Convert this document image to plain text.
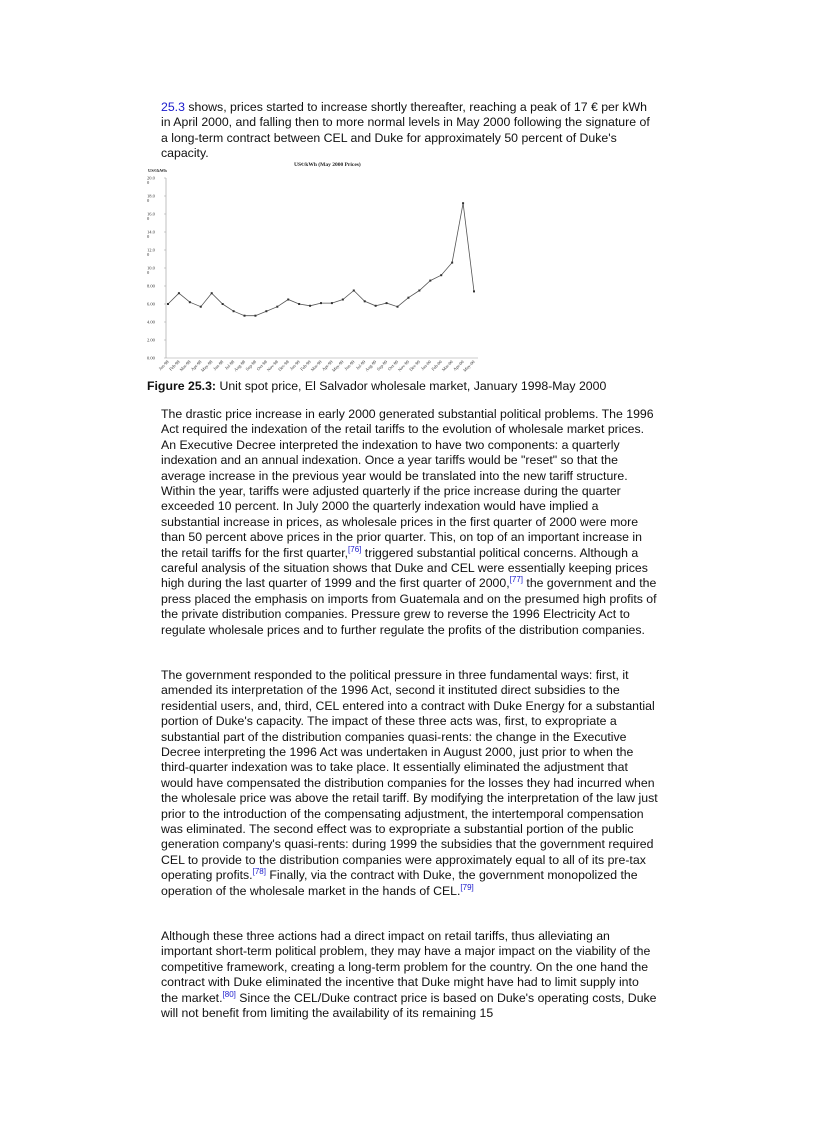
25.3 shows, prices started to increase shortly thereafter, reaching a peak of 17 € per kWh in April 2000, and falling then to more normal levels in May 2000 following the signature of a long-term contract between CEL and Duke for approximately 50 percent of Duke's capacity.
US¢/kWh (May 2000 Prices)
US¢/kWh
0.00
2.00
4.00
6.00
8.00
10.0
0
12.0
0
14.0
0
16.0
0
18.0
0
20.0
0
Jan-98
Feb-98
Mar-98
Apr-98
May-98
Jun-98 Jul-98
Aug-98
Sep-98
Oct-98
Nov-98
Dec-98
Jan-99
Feb-99
Mar-99
Apr-99
May-99
Jun-99 Jul-99
Aug-99
Sep-99
Oct-99
Nov-99
Dec-99
Jan-00
Feb-00
Mar-00
Apr-00
May-00
Figure 25.3: Unit spot price, El Salvador wholesale market, January 1998-May 2000
The drastic price increase in early 2000 generated substantial political problems. The 1996 Act required the indexation of the retail tariffs to the evolution of wholesale market prices. An Executive Decree interpreted the indexation to have two components: a quarterly indexation and an annual indexation. Once a year tariffs would be "reset" so that the average increase in the previous year would be translated into the new tariff structure. Within the year, tariffs were adjusted quarterly if the price increase during the quarter exceeded 10 percent. In July 2000 the quarterly indexation would have implied a substantial increase in prices, as wholesale prices in the first quarter of 2000 were more than 50 percent above prices in the prior quarter. This, on top of an important increase in the retail tariffs for the first quarter,[76] triggered substantial political concerns. Although a careful analysis of the situation shows that Duke and CEL were essentially keeping prices high during the last quarter of 1999 and the first quarter of 2000,[77] the government and the press placed the emphasis on imports from Guatemala and on the presumed high profits of the private distribution companies. Pressure grew to reverse the 1996 Electricity Act to regulate wholesale prices and to further regulate the profits of the distribution companies.
The government responded to the political pressure in three fundamental ways: first, it amended its interpretation of the 1996 Act, second it instituted direct subsidies to the residential users, and, third, CEL entered into a contract with Duke Energy for a substantial portion of Duke's capacity. The impact of these three acts was, first, to expropriate a substantial part of the distribution companies quasi-rents: the change in the Executive Decree interpreting the 1996 Act was undertaken in August 2000, just prior to when the third-quarter indexation was to take place. It essentially eliminated the adjustment that would have compensated the distribution companies for the losses they had incurred when the wholesale price was above the retail tariff. By modifying the interpretation of the law just prior to the introduction of the compensating adjustment, the intertemporal compensation was eliminated. The second effect was to expropriate a substantial portion of the public generation company's quasi-rents: during 1999 the subsidies that the government required CEL to provide to the distribution companies were approximately equal to all of its pre-tax operating profits.[78] Finally, via the contract with Duke, the government monopolized the operation of the wholesale market in the hands of CEL.[79]
Although these three actions had a direct impact on retail tariffs, thus alleviating an important short-term political problem, they may have a major impact on the viability of the competitive framework, creating a long-term problem for the country. On the one hand the contract with Duke eliminated the incentive that Duke might have had to limit supply into the market.[80] Since the CEL/Duke contract price is based on Duke's operating costs, Duke will not benefit from limiting the availability of its remaining 15
